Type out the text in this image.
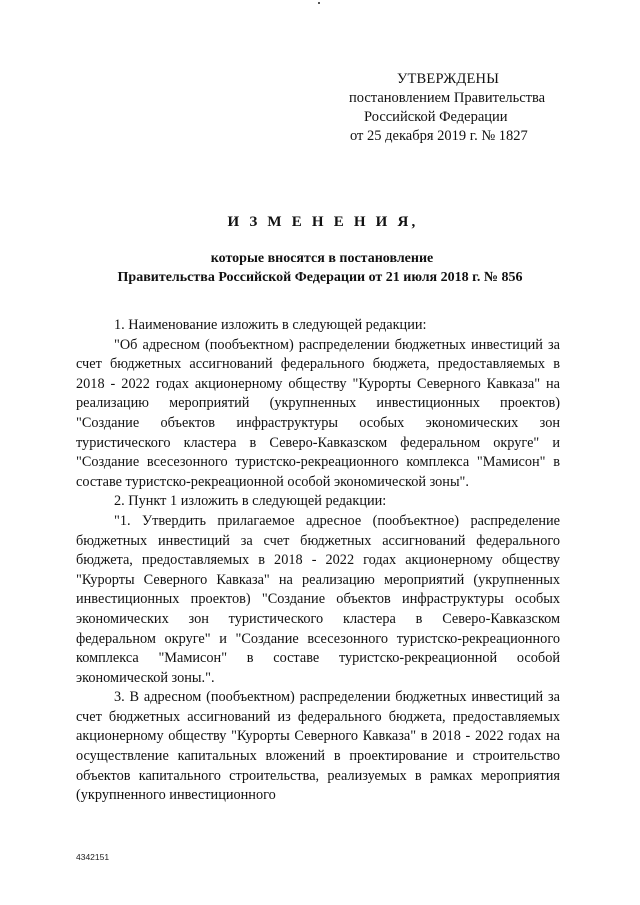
УТВЕРЖДЕНЫ
постановлением Правительства
Российской Федерации
от 25 декабря 2019 г. № 1827
И З М Е Н Е Н И Я,
которые вносятся в постановление
Правительства Российской Федерации от 21 июля 2018 г. № 856

1. Наименование изложить в следующей редакции:

"Об адресном (пообъектном) распределении бюджетных инвестиций за счет бюджетных ассигнований федерального бюджета, предоставляемых в 2018 - 2022 годах акционерному обществу "Курорты Северного Кавказа" на реализацию мероприятий (укрупненных инвестиционных проектов) "Создание объектов инфраструктуры особых экономических зон туристического кластера в Северо-Кавказском федеральном округе" и "Создание всесезонного туристско-рекреационного комплекса "Мамисон" в составе туристско-рекреационной особой экономической зоны".

2. Пункт 1 изложить в следующей редакции:

"1. Утвердить прилагаемое адресное (пообъектное) распределение бюджетных инвестиций за счет бюджетных ассигнований федерального бюджета, предоставляемых в 2018 - 2022 годах акционерному обществу "Курорты Северного Кавказа" на реализацию мероприятий (укрупненных инвестиционных проектов) "Создание объектов инфраструктуры особых экономических зон туристического кластера в Северо-Кавказском федеральном округе" и "Создание всесезонного туристско-рекреационного комплекса "Мамисон" в составе туристско-рекреационной особой экономической зоны.".

3. В адресном (пообъектном) распределении бюджетных инвестиций за счет бюджетных ассигнований из федерального бюджета, предоставляемых акционерному обществу "Курорты Северного Кавказа" в 2018 - 2022 годах на осуществление капитальных вложений в проектирование и строительство объектов капитального строительства, реализуемых в рамках мероприятия (укрупненного инвестиционного

4342151
